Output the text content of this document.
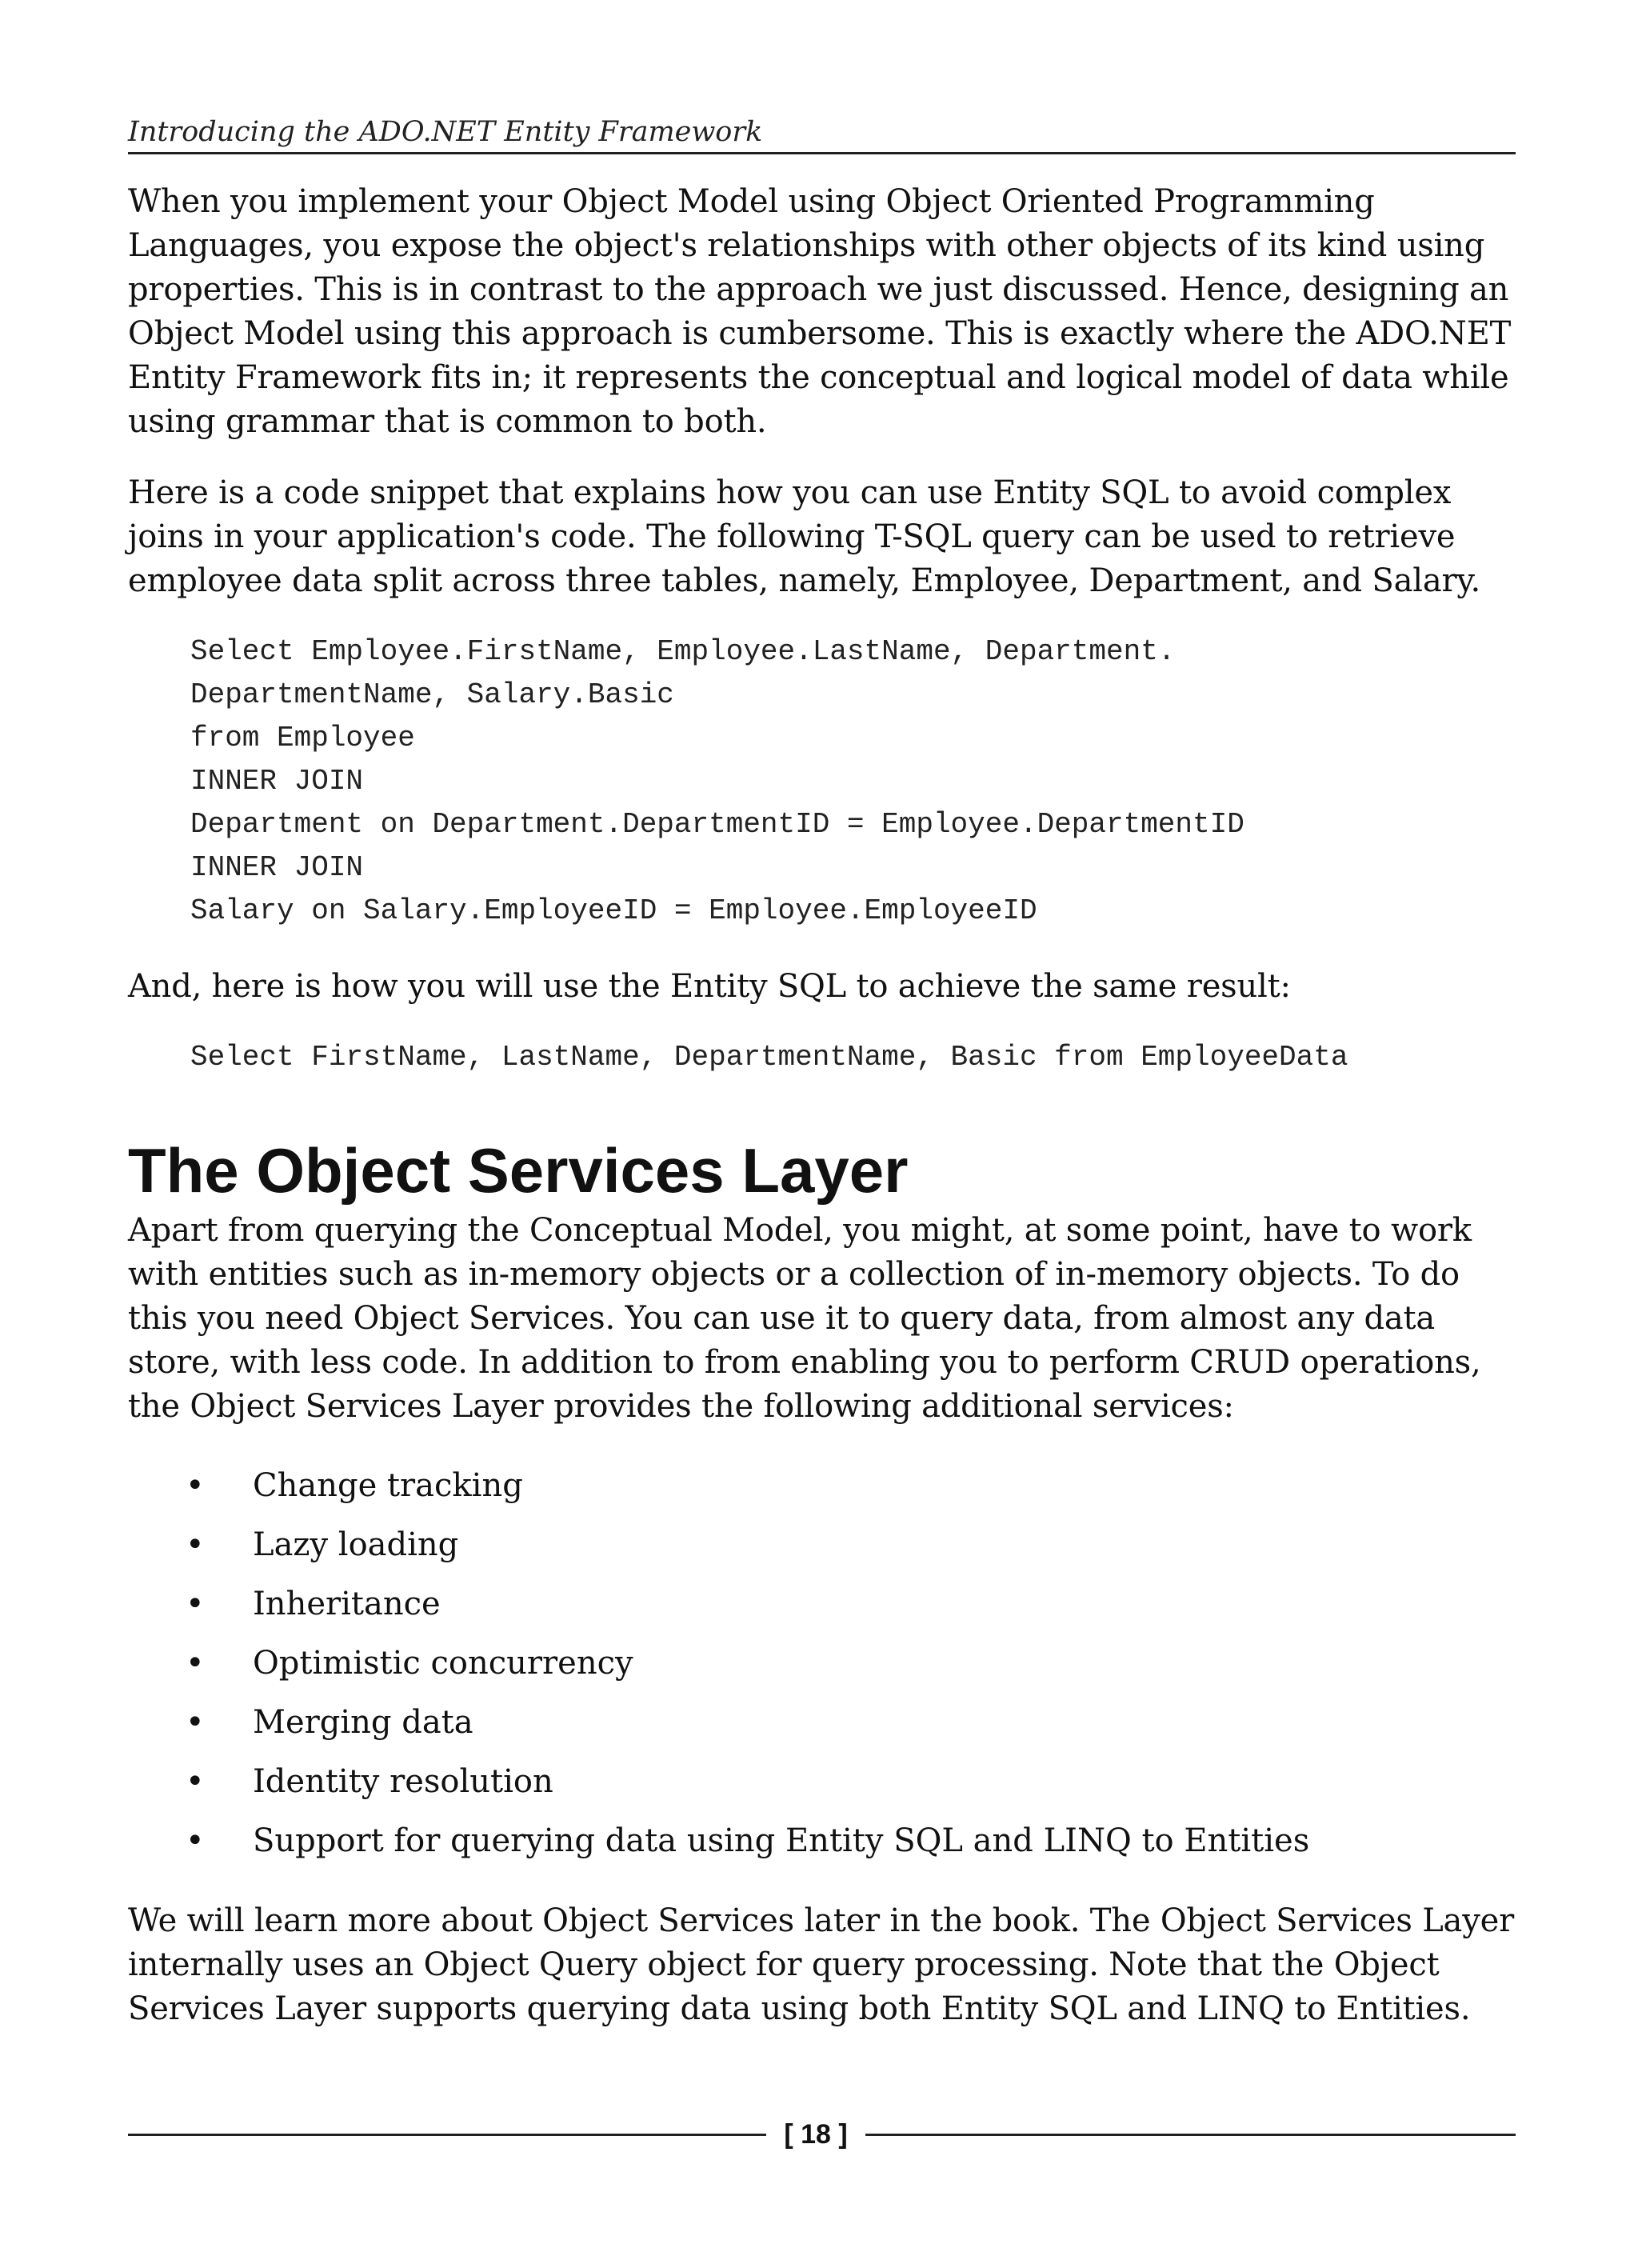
Introducing the ADO.NET Entity Framework

When you implement your Object Model using Object Oriented Programming Languages, you expose the object's relationships with other objects of its kind using properties. This is in contrast to the approach we just discussed. Hence, designing an Object Model using this approach is cumbersome. This is exactly where the ADO.NET Entity Framework fits in; it represents the conceptual and logical model of data while using grammar that is common to both.

Here is a code snippet that explains how you can use Entity SQL to avoid complex joins in your application's code. The following T-SQL query can be used to retrieve employee data split across three tables, namely, Employee, Department, and Salary.

Select Employee.FirstName, Employee.LastName, Department.
DepartmentName, Salary.Basic
from Employee
INNER JOIN
Department on Department.DepartmentID = Employee.DepartmentID
INNER JOIN
Salary on Salary.EmployeeID = Employee.EmployeeID

And, here is how you will use the Entity SQL to achieve the same result:

Select FirstName, LastName, DepartmentName, Basic from EmployeeData
The Object Services Layer

Apart from querying the Conceptual Model, you might, at some point, have to work with entities such as in-memory objects or a collection of in-memory objects. To do this you need Object Services. You can use it to query data, from almost any data store, with less code. In addition to from enabling you to perform CRUD operations, the Object Services Layer provides the following additional services:

• Change tracking
• Lazy loading
• Inheritance
• Optimistic concurrency
• Merging data
• Identity resolution
• Support for querying data using Entity SQL and LINQ to Entities

We will learn more about Object Services later in the book. The Object Services Layer internally uses an Object Query object for query processing. Note that the Object Services Layer supports querying data using both Entity SQL and LINQ to Entities.

[ 18 ]
